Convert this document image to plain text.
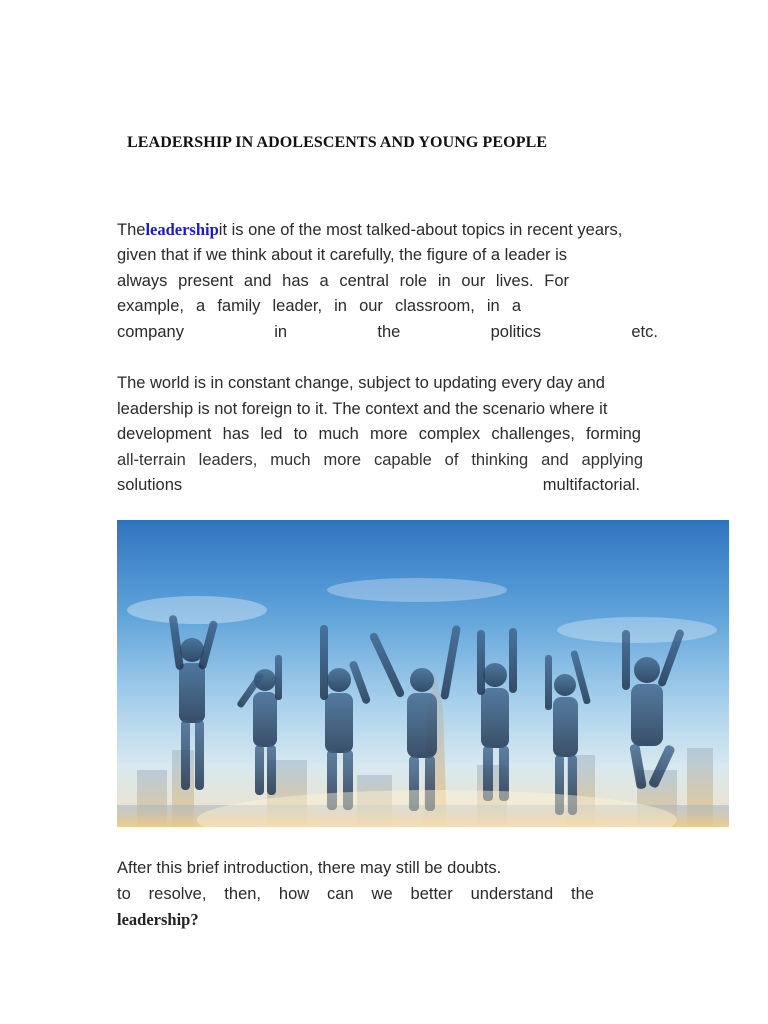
LEADERSHIP IN ADOLESCENTS AND YOUNG PEOPLE
Theleadershipit is one of the most talked-about topics in recent years,
given that if we think about it carefully, the figure of a leader is
always present and has a central role in our lives. For
example, a family leader, in our classroom, in a
company	in	the	politics	etc.
The world is in constant change, subject to updating every day and
leadership is not foreign to it. The context and the scenario where it
development has led to much more complex challenges, forming
all-terrain leaders, much more capable of thinking and applying
solutions	multifactorial.
After this brief introduction, there may still be doubts.
to resolve, then, how can we better understand the
leadership?
